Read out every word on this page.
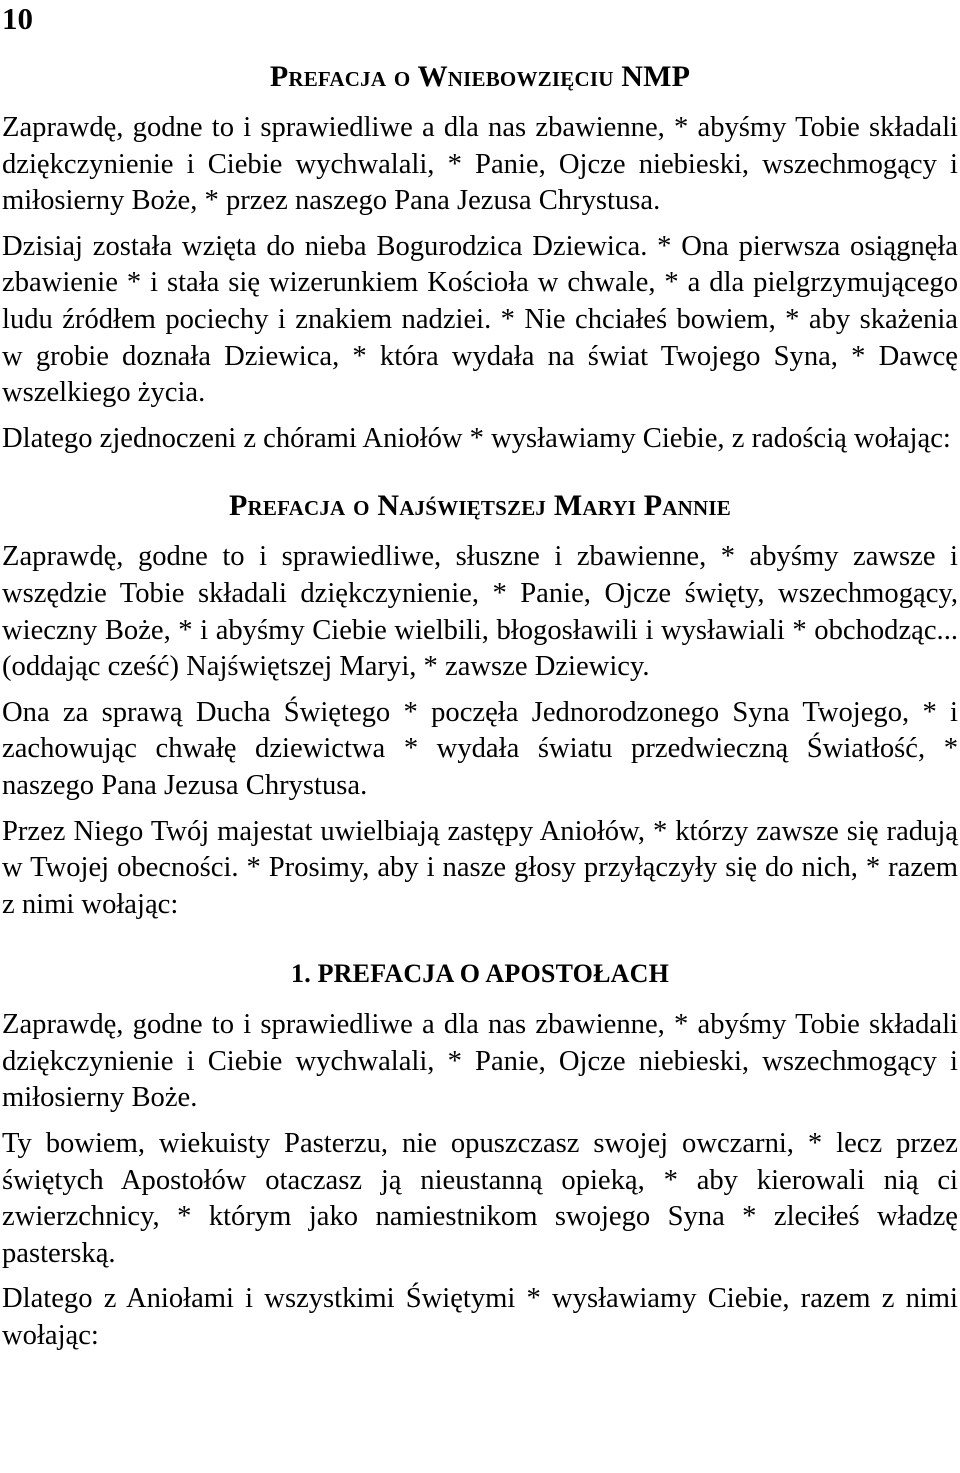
10
Prefacja o Wniebowzięciu NMP

Zaprawdę, godne to i sprawiedliwe a dla nas zbawienne, * abyśmy Tobie składali dziękczynienie i Ciebie wychwalali, * Panie, Ojcze niebieski, wszechmogący i miłosierny Boże, * przez naszego Pana Jezusa Chrystusa.

Dzisiaj została wzięta do nieba Bogurodzica Dziewica. * Ona pierwsza osiągnęła zbawienie * i stała się wizerunkiem Kościoła w chwale, * a dla pielgrzymującego ludu źródłem pociechy i znakiem nadziei. * Nie chciałeś bowiem, * aby skażenia w grobie doznała Dziewica, * która wydała na świat Twojego Syna, * Dawcę wszelkiego życia.

Dlatego zjednoczeni z chórami Aniołów * wysławiamy Ciebie, z radością wołając:

Prefacja o Najświętszej Maryi Pannie

Zaprawdę, godne to i sprawiedliwe, słuszne i zbawienne, * abyśmy zawsze i wszędzie Tobie składali dziękczynienie, * Panie, Ojcze święty, wszechmogący, wieczny Boże, * i abyśmy Ciebie wielbili, błogosławili i wysławiali * obchodząc...(oddając cześć) Najświętszej Maryi, * zawsze Dziewicy.

Ona za sprawą Ducha Świętego * poczęła Jednorodzonego Syna Twojego, * i zachowując chwałę dziewictwa * wydała światu przedwieczną Światłość, * naszego Pana Jezusa Chrystusa.

Przez Niego Twój majestat uwielbiają zastępy Aniołów, * którzy zawsze się radują w Twojej obecności. * Prosimy, aby i nasze głosy przyłączyły się do nich, * razem z nimi wołając:

1. PREFACJA O APOSTOŁACH

Zaprawdę, godne to i sprawiedliwe a dla nas zbawienne, * abyśmy Tobie składali dziękczynienie i Ciebie wychwalali, * Panie, Ojcze niebieski, wszechmogący i miłosierny Boże.

Ty bowiem, wiekuisty Pasterzu, nie opuszczasz swojej owczarni, * lecz przez świętych Apostołów otaczasz ją nieustanną opieką, * aby kierowali nią ci zwierzchnicy, * którym jako namiestnikom swojego Syna * zleciłeś władzę pasterską.

Dlatego z Aniołami i wszystkimi Świętymi * wysławiamy Ciebie, razem z nimi wołając:
